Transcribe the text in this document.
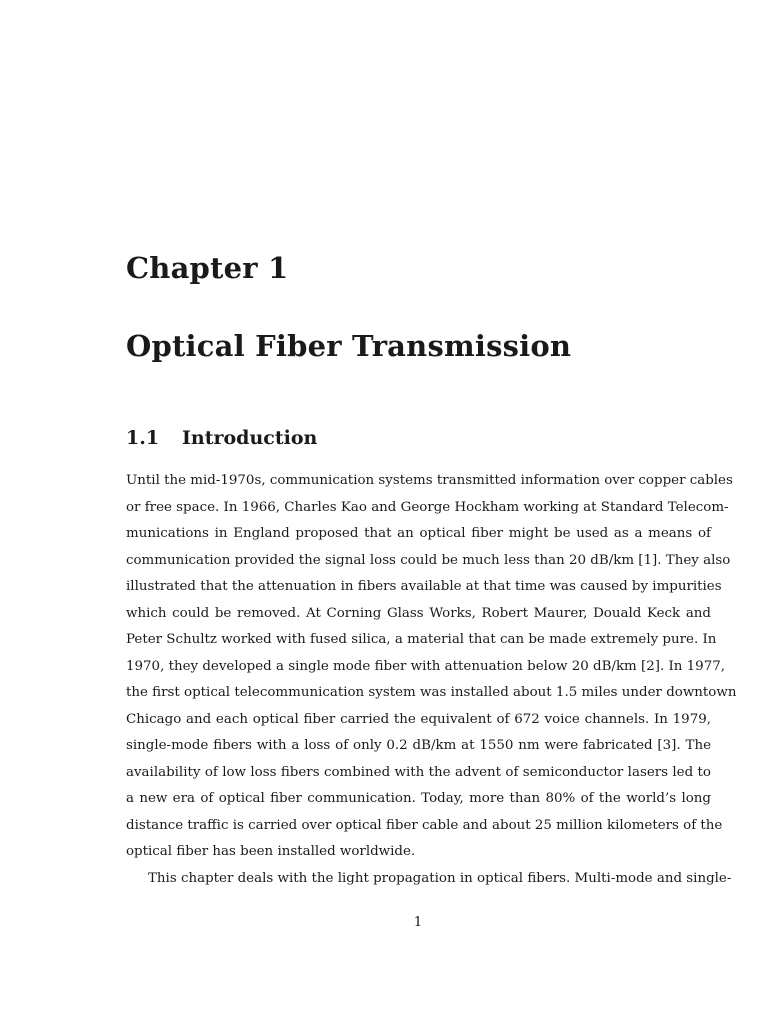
Chapter 1
Optical Fiber Transmission
1.1 Introduction
Until the mid-1970s, communication systems transmitted information over copper cables
or free space. In 1966, Charles Kao and George Hockham working at Standard Telecom-
munications in England proposed that an optical fiber might be used as a means of
communication provided the signal loss could be much less than 20 dB/km [1]. They also
illustrated that the attenuation in fibers available at that time was caused by impurities
which could be removed. At Corning Glass Works, Robert Maurer, Douald Keck and
Peter Schultz worked with fused silica, a material that can be made extremely pure. In
1970, they developed a single mode fiber with attenuation below 20 dB/km [2]. In 1977,
the first optical telecommunication system was installed about 1.5 miles under downtown
Chicago and each optical fiber carried the equivalent of 672 voice channels. In 1979,
single-mode fibers with a loss of only 0.2 dB/km at 1550 nm were fabricated [3]. The
availability of low loss fibers combined with the advent of semiconductor lasers led to
a new era of optical fiber communication. Today, more than 80% of the world’s long
distance traffic is carried over optical fiber cable and about 25 million kilometers of the
optical fiber has been installed worldwide.
This chapter deals with the light propagation in optical fibers. Multi-mode and single-
1
